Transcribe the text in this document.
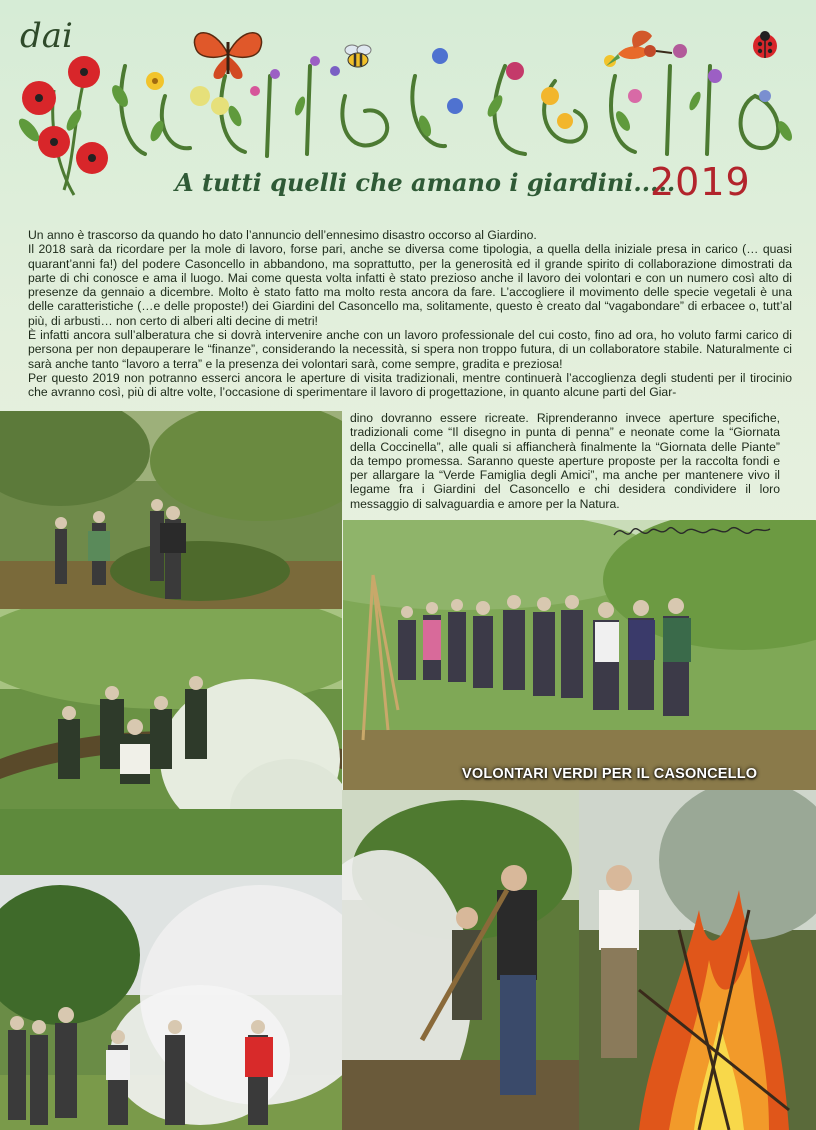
dai
A tutti quelli che amano i giardini.....
2019

Un anno è trascorso da quando ho dato l’annuncio dell’ennesimo disastro occorso al Giardino.

Il 2018 sarà da ricordare per la mole di lavoro, forse pari, anche se diversa come tipologia, a quella della iniziale presa in carico (… quasi quarant’anni fa!) del podere Casoncello in abbandono, ma soprattutto, per la generosità ed il grande spirito di collaborazione dimostrati da parte di chi conosce e ama il luogo. Mai come questa volta infatti è stato prezioso anche il lavoro dei volontari e con un numero così alto di presenze da gennaio a dicembre. Molto è stato fatto ma molto resta ancora da fare. L’accogliere il movimento delle specie vegetali è una delle caratteristiche (…e delle proposte!) dei Giardini del Casoncello ma, solitamente, questo è creato dal “vagabondare” di erbacee o, tutt’al più, di arbusti… non certo di alberi alti decine di metri!

È infatti ancora sull’alberatura che si dovrà intervenire anche con un lavoro professionale del cui costo, fino ad ora, ho voluto farmi carico di persona per non depauperare le “finanze”, considerando la necessità, si spera non troppo futura, di un collaboratore stabile. Naturalmente ci sarà anche tanto “lavoro a terra” e la presenza dei volontari sarà, come sempre, gradita e preziosa!

Per questo 2019 non potranno esserci ancora le aperture di visita tradizionali, mentre continuerà l’accoglienza degli studenti per il tirocinio che avranno così, più di altre volte, l’occasione di sperimentare il lavoro di progettazione, in quanto alcune parti del Giar-

dino dovranno essere ricreate. Riprenderanno invece aperture specifiche, tradizionali come “Il disegno in punta di penna” e neonate come la “Giornata della Coccinella”, alle quali si affiancherà finalmente la “Giornata delle Piante” da tempo promessa. Saranno queste aperture proposte per la raccolta fondi e per allargare la “Verde Famiglia degli Amici”, ma anche per mantenere vivo il legame fra i Giardini del Casoncello e chi desidera condividere il loro messaggio di salvaguardia e amore per la Natura.

VOLONTARI VERDI PER IL CASONCELLO
